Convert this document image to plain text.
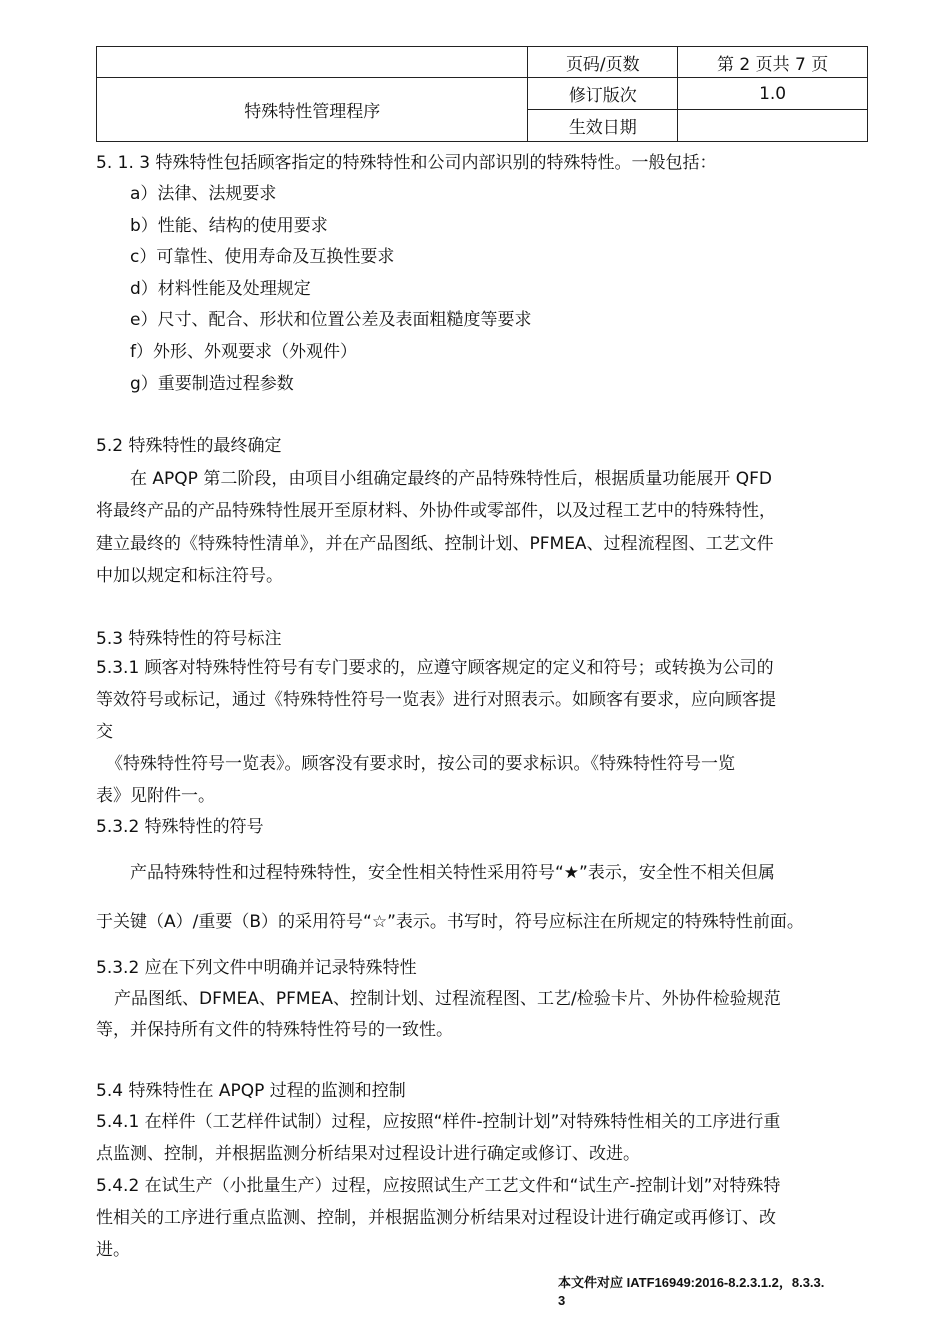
	页码/页数	第 2 页共 7 页
特殊特性管理程序	修订版次	1.0
	生效日期	
5. 1. 3 特殊特性包括顾客指定的特殊特性和公司内部识别的特殊特性。一般包括：
a）法律、法规要求
b）性能、结构的使用要求
c）可靠性、使用寿命及互换性要求
d）材料性能及处理规定
e）尺寸、配合、形状和位置公差及表面粗糙度等要求
f）外形、外观要求（外观件）
g）重要制造过程参数
5.2 特殊特性的最终确定
在 APQP 第二阶段，由项目小组确定最终的产品特殊特性后，根据质量功能展开 QFD
将最终产品的产品特殊特性展开至原材料、外协件或零部件，以及过程工艺中的特殊特性，
建立最终的《特殊特性清单》，并在产品图纸、控制计划、PFMEA、过程流程图、工艺文件
中加以规定和标注符号。
5.3 特殊特性的符号标注
5.3.1 顾客对特殊特性符号有专门要求的，应遵守顾客规定的定义和符号；或转换为公司的
等效符号或标记，通过《特殊特性符号一览表》进行对照表示。如顾客有要求，应向顾客提
交
《特殊特性符号一览表》。顾客没有要求时，按公司的要求标识。《特殊特性符号一览
表》见附件一。
5.3.2 特殊特性的符号
产品特殊特性和过程特殊特性，安全性相关特性采用符号“★”表示，安全性不相关但属
于关键（A）/重要（B）的采用符号“☆”表示。书写时，符号应标注在所规定的特殊特性前面。
5.3.2 应在下列文件中明确并记录特殊特性
产品图纸、DFMEA、PFMEA、控制计划、过程流程图、工艺/检验卡片、外协件检验规范
等，并保持所有文件的特殊特性符号的一致性。
5.4 特殊特性在 APQP 过程的监测和控制
5.4.1 在样件（工艺样件试制）过程，应按照“样件-控制计划”对特殊特性相关的工序进行重
点监测、控制，并根据监测分析结果对过程设计进行确定或修订、改进。
5.4.2 在试生产（小批量生产）过程，应按照试生产工艺文件和“试生产-控制计划”对特殊特
性相关的工序进行重点监测、控制，并根据监测分析结果对过程设计进行确定或再修订、改
进。
本文件对应 IATF16949:2016-8.2.3.1.2，8.3.3.
3
